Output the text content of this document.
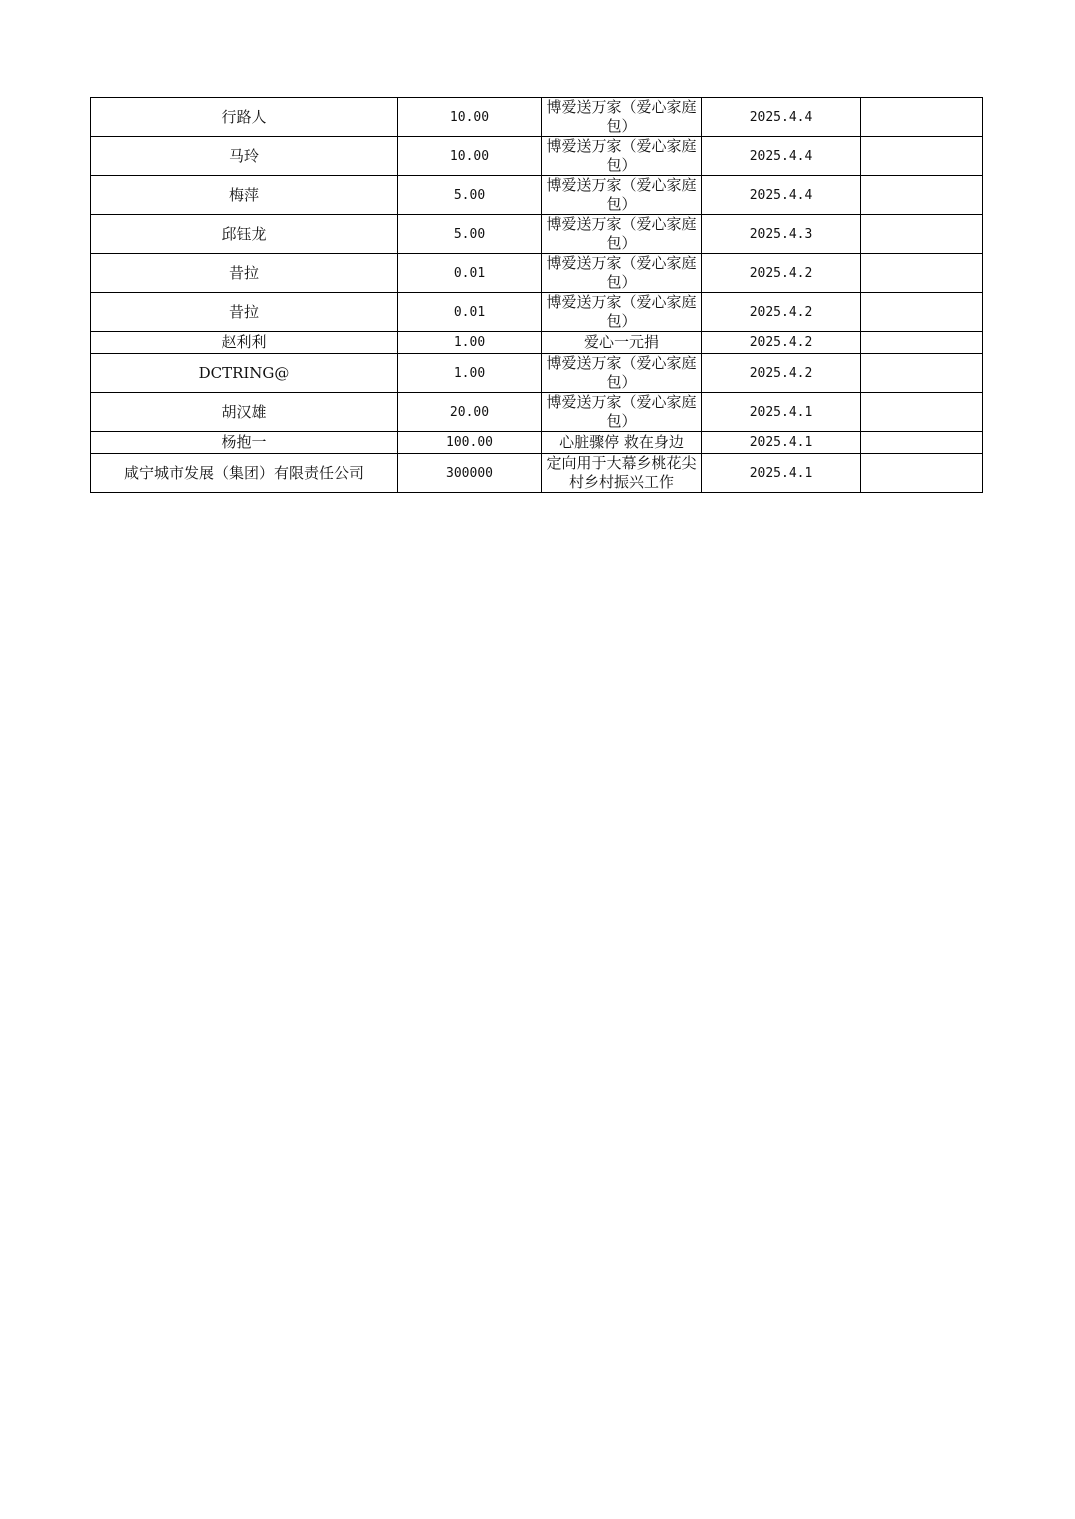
行路人	10.00	博爱送万家（爱心家庭包）	2025.4.4	
马玲	10.00	博爱送万家（爱心家庭包）	2025.4.4	
梅萍	5.00	博爱送万家（爱心家庭包）	2025.4.4	
邱钰龙	5.00	博爱送万家（爱心家庭包）	2025.4.3	
昔拉	0.01	博爱送万家（爱心家庭包）	2025.4.2	
昔拉	0.01	博爱送万家（爱心家庭包）	2025.4.2	
赵利利	1.00	爱心一元捐	2025.4.2	
DCTRING@	1.00	博爱送万家（爱心家庭包）	2025.4.2	
胡汉雄	20.00	博爱送万家（爱心家庭包）	2025.4.1	
杨抱一	100.00	心脏骤停 救在身边	2025.4.1	
咸宁城市发展（集团）有限责任公司	300000	定向用于大幕乡桃花尖村乡村振兴工作	2025.4.1	
